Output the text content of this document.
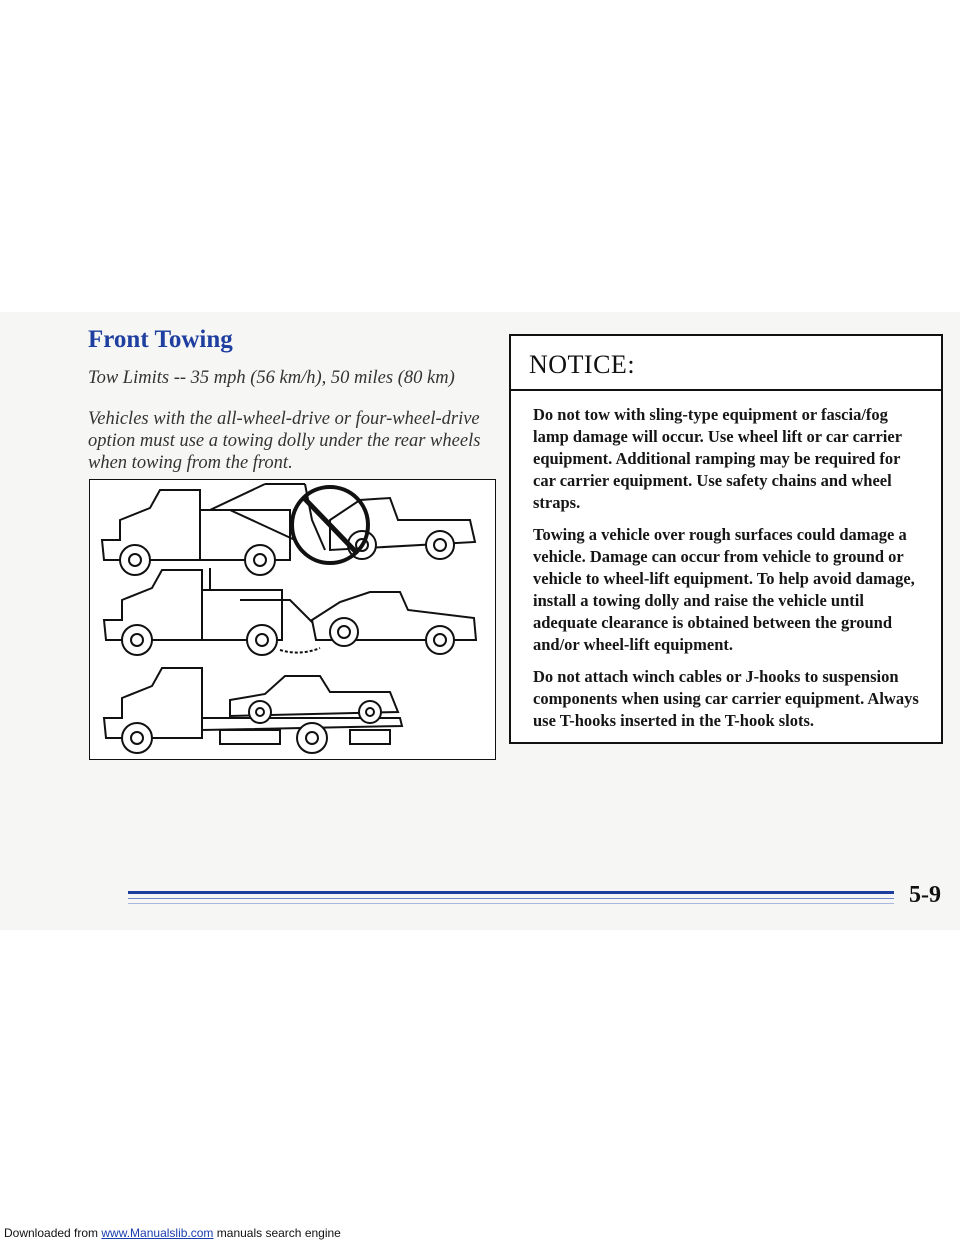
Front Towing

Tow Limits -- 35 mph (56 km/h), 50 miles (80 km)

Vehicles with the all-wheel-drive or four-wheel-drive option must use a towing dolly under the rear wheels when towing from the front.

NOTICE:

Do not tow with sling-type equipment or fascia/fog lamp damage will occur. Use wheel lift or car carrier equipment. Additional ramping may be required for car carrier equipment. Use safety chains and wheel straps.

Towing a vehicle over rough surfaces could damage a vehicle. Damage can occur from vehicle to ground or vehicle to wheel-lift equipment. To help avoid damage, install a towing dolly and raise the vehicle until adequate clearance is obtained between the ground and/or wheel-lift equipment.

Do not attach winch cables or J-hooks to suspension components when using car carrier equipment. Always use T-hooks inserted in the T-hook slots.

5-9
Downloaded from www.Manualslib.com manuals search engine
